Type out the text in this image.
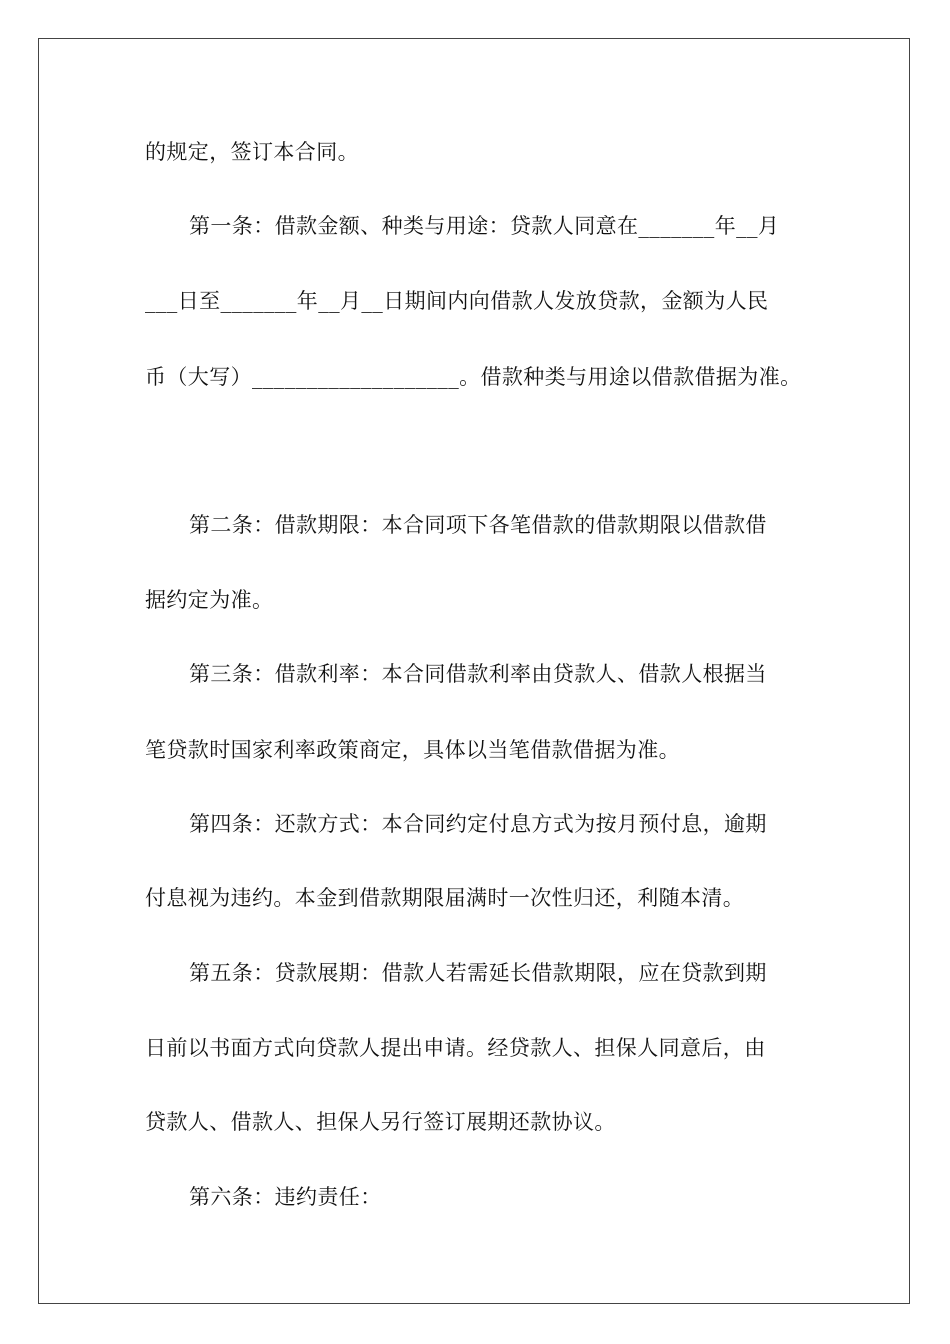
的规定，签订本合同。
第一条：借款金额、种类与用途：贷款人同意在_______年__月
___日至_______年__月__日期间内向借款人发放贷款，金额为人民
币（大写）___________________。借款种类与用途以借款借据为准。
第二条：借款期限：本合同项下各笔借款的借款期限以借款借
据约定为准。
第三条：借款利率：本合同借款利率由贷款人、借款人根据当
笔贷款时国家利率政策商定，具体以当笔借款借据为准。
第四条：还款方式：本合同约定付息方式为按月预付息，逾期
付息视为违约。本金到借款期限届满时一次性归还，利随本清。
第五条：贷款展期：借款人若需延长借款期限，应在贷款到期
日前以书面方式向贷款人提出申请。经贷款人、担保人同意后，由
贷款人、借款人、担保人另行签订展期还款协议。
第六条：违约责任：
